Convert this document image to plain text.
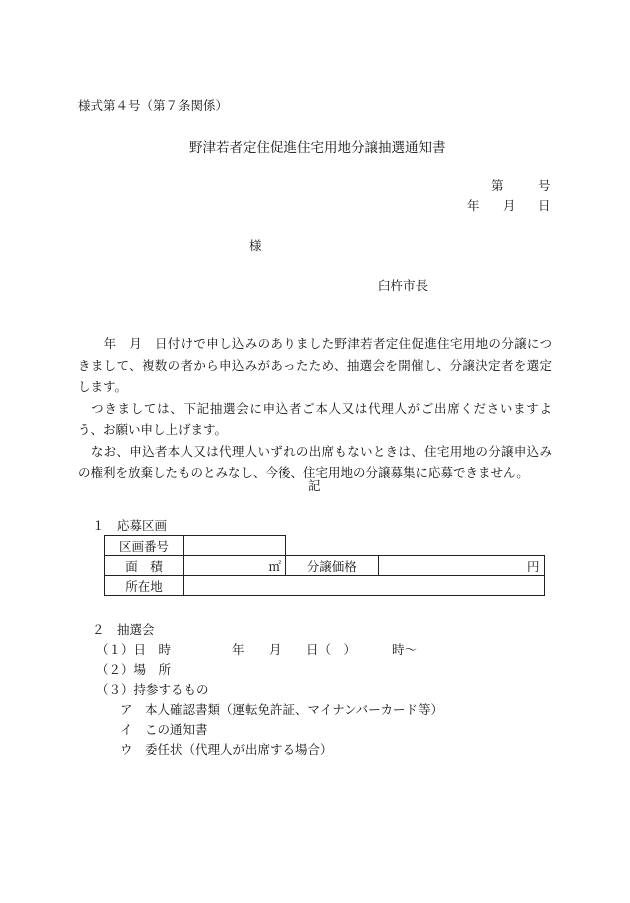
様式第４号（第７条関係）
野津若者定住促進住宅用地分譲抽選通知書
第	号
年 月 日
様
臼杵市長

　　年　月　日付けで申し込みのありました野津若者定住促進住宅用地の分譲につきまして、複数の者から申込みがあったため、抽選会を開催し、分譲決定者を選定します。

　つきましては、下記抽選会に申込者ご本人又は代理人がご出席くださいますよう、お願い申し上げます。

　なお、申込者本人又は代理人いずれの出席もないときは、住宅用地の分譲申込みの権利を放棄したものとみなし、今後、住宅用地の分譲募集に応募できません。

記
１　応募区画
区画番号			
面　積	㎡	分譲価格	円
所在地			
２　抽選会
（１）日　時	年 月 日（　）	時～
（２）場　所
（３）持参するもの
ア　本人確認書類（運転免許証、マイナンバーカード等）
イ　この通知書
ウ　委任状（代理人が出席する場合）
